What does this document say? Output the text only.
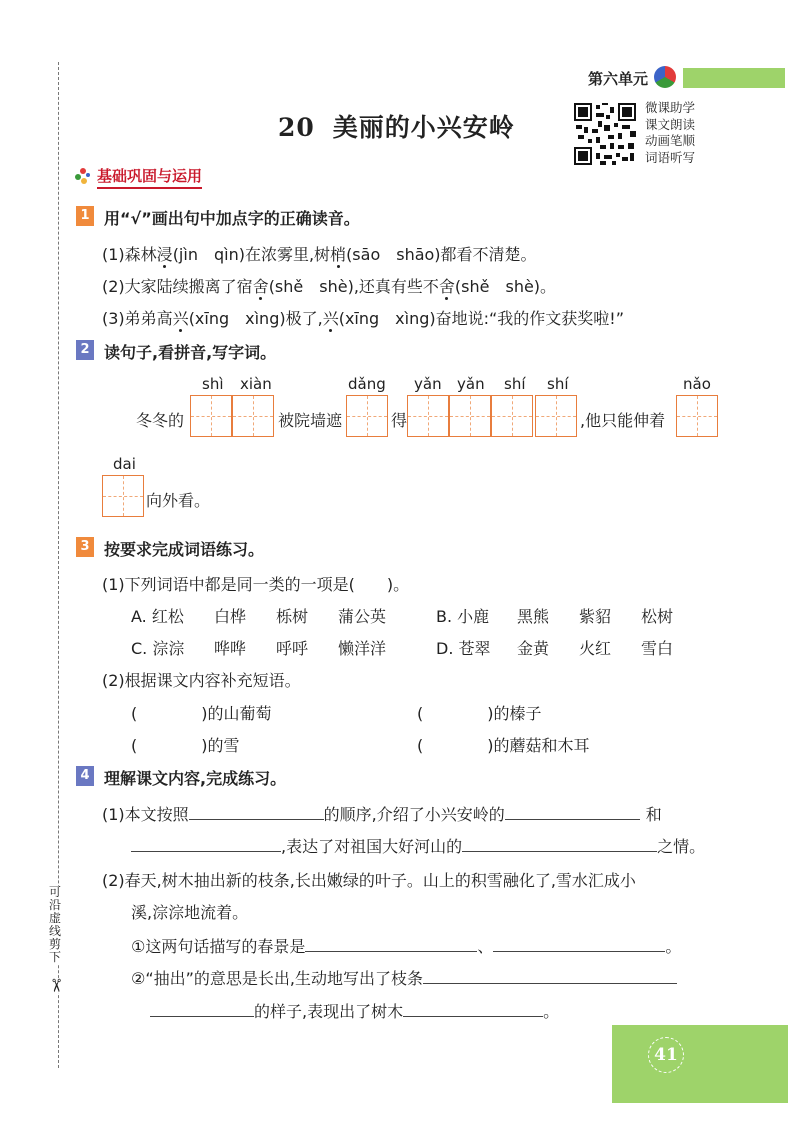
第六单元
20 美丽的小兴安岭
微课助学
课文朗读
动画笔顺
词语听写
可沿虚线剪下
✂
基础巩固与运用
1 用“√”画出句中加点字的正确读音。
(1)森林浸(jìn　qìn)在浓雾里,树梢(sāo　shāo)都看不清楚。
(2)大家陆续搬离了宿舍(shě　shè),还真有些不舍(shě　shè)。
(3)弟弟高兴(xīng　xìng)极了,兴(xīng　xìng)奋地说:“我的作文获奖啦!”
2 读句子,看拼音,写字词。
shì xiàn	dǎng yǎn yǎn shí shí	nǎo
冬冬的	被院墙遮	得	,他只能伸着
dai
向外看。
3 按要求完成词语练习。
(1)下列词语中都是同一类的一项是(　　)。
A. 红松 白桦 栎树 蒲公英	B. 小鹿 黑熊 紫貂 松树
C. 淙淙 哗哗 呼呼 懒洋洋	D. 苍翠 金黄 火红 雪白
(2)根据课文内容补充短语。
(　　　　)的山葡萄	(　　　　)的榛子
(　　　　)的雪	(　　　　)的蘑菇和木耳
4 理解课文内容,完成练习。
(1)本文按照	的顺序,介绍了小兴安岭的	和
,表达了对祖国大好河山的	之情。
(2)春天,树木抽出新的枝条,长出嫩绿的叶子。山上的积雪融化了,雪水汇成小
溪,淙淙地流着。
①这两句话描写的春景是	、	。
②“抽出”的意思是长出,生动地写出了枝条
的样子,表现出了树木	。
41
